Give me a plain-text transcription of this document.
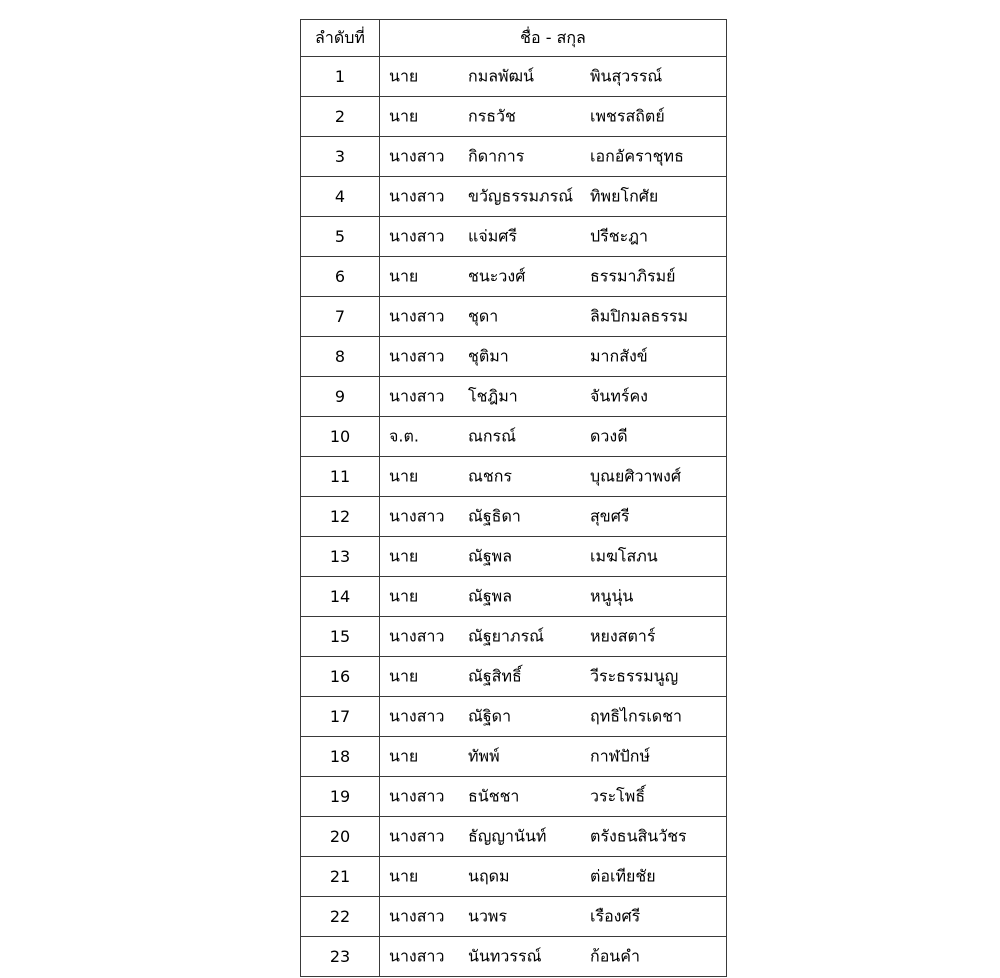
ลำดับที่	ชื่อ - สกุล
1	นาย กมลพัฒน์ พินสุวรรณ์

2	นาย กรธวัช เพชรสถิตย์

3	นางสาว กิดาการ เอกอัคราชุทธ

4	นางสาว ขวัญธรรมภรณ์ ทิพยโกศัย

5	นางสาว แจ่มศรี ปรีชะฎา

6	นาย ชนะวงศ์ ธรรมาภิรมย์

7	นางสาว ชุดา ลิมปิกมลธรรม

8	นางสาว ชุติมา มากสังข์

9	นางสาว โชฎิมา จันทร์คง

10	จ.ต. ณกรณ์ ดวงดี

11	นาย ณชกร บุณยศิวาพงศ์

12	นางสาว ณัฐธิดา สุขศรี

13	นาย ณัฐพล เมฆโสภน

14	นาย ณัฐพล หนูนุ่น

15	นางสาว ณัฐยาภรณ์ หยงสตาร์

16	นาย ณัฐสิทธิ์ วีระธรรมนูญ

17	นางสาว ณัฐิดา ฤทธิไกรเดชา

18	นาย ทัพพ์ กาฬปักษ์

19	นางสาว ธนัชชา วระโพธิ์

20	นางสาว ธัญญานันท์ ตรังธนสินวัชร

21	นาย นฤดม ต่อเทียชัย

22	นางสาว นวพร เรืองศรี

23	นางสาว นันทวรรณ์ ก้อนคำ
